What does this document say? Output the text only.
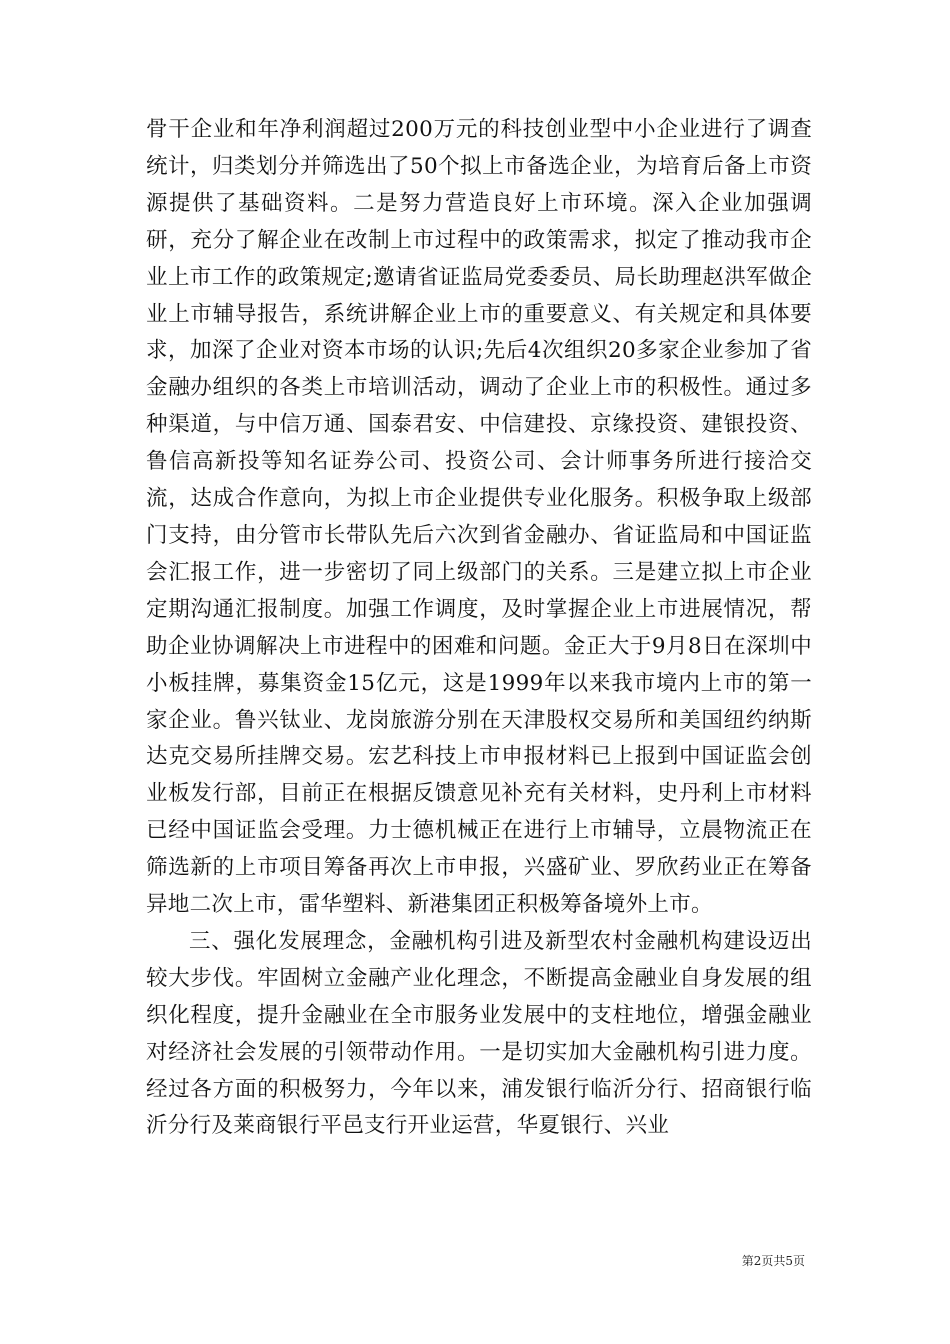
骨干企业和年净利润超过200万元的科技创业型中小企业进行了调查统计，归类划分并筛选出了50个拟上市备选企业，为培育后备上市资源提供了基础资料。二是努力营造良好上市环境。深入企业加强调研，充分了解企业在改制上市过程中的政策需求，拟定了推动我市企业上市工作的政策规定;邀请省证监局党委委员、局长助理赵洪军做企业上市辅导报告，系统讲解企业上市的重要意义、有关规定和具体要求，加深了企业对资本市场的认识;先后4次组织20多家企业参加了省金融办组织的各类上市培训活动，调动了企业上市的积极性。通过多种渠道，与中信万通、国泰君安、中信建投、京缘投资、建银投资、鲁信高新投等知名证券公司、投资公司、会计师事务所进行接洽交流，达成合作意向，为拟上市企业提供专业化服务。积极争取上级部门支持，由分管市长带队先后六次到省金融办、省证监局和中国证监会汇报工作，进一步密切了同上级部门的关系。三是建立拟上市企业定期沟通汇报制度。加强工作调度，及时掌握企业上市进展情况，帮助企业协调解决上市进程中的困难和问题。金正大于9月8日在深圳中小板挂牌，募集资金15亿元，这是1999年以来我市境内上市的第一家企业。鲁兴钛业、龙岗旅游分别在天津股权交易所和美国纽约纳斯达克交易所挂牌交易。宏艺科技上市申报材料已上报到中国证监会创业板发行部，目前正在根据反馈意见补充有关材料，史丹利上市材料已经中国证监会受理。力士德机械正在进行上市辅导，立晨物流正在筛选新的上市项目筹备再次上市申报，兴盛矿业、罗欣药业正在筹备异地二次上市，雷华塑料、新港集团正积极筹备境外上市。

三、强化发展理念，金融机构引进及新型农村金融机构建设迈出较大步伐。牢固树立金融产业化理念，不断提高金融业自身发展的组织化程度，提升金融业在全市服务业发展中的支柱地位，增强金融业对经济社会发展的引领带动作用。一是切实加大金融机构引进力度。经过各方面的积极努力，今年以来，浦发银行临沂分行、招商银行临沂分行及莱商银行平邑支行开业运营，华夏银行、兴业

第2页共5页
